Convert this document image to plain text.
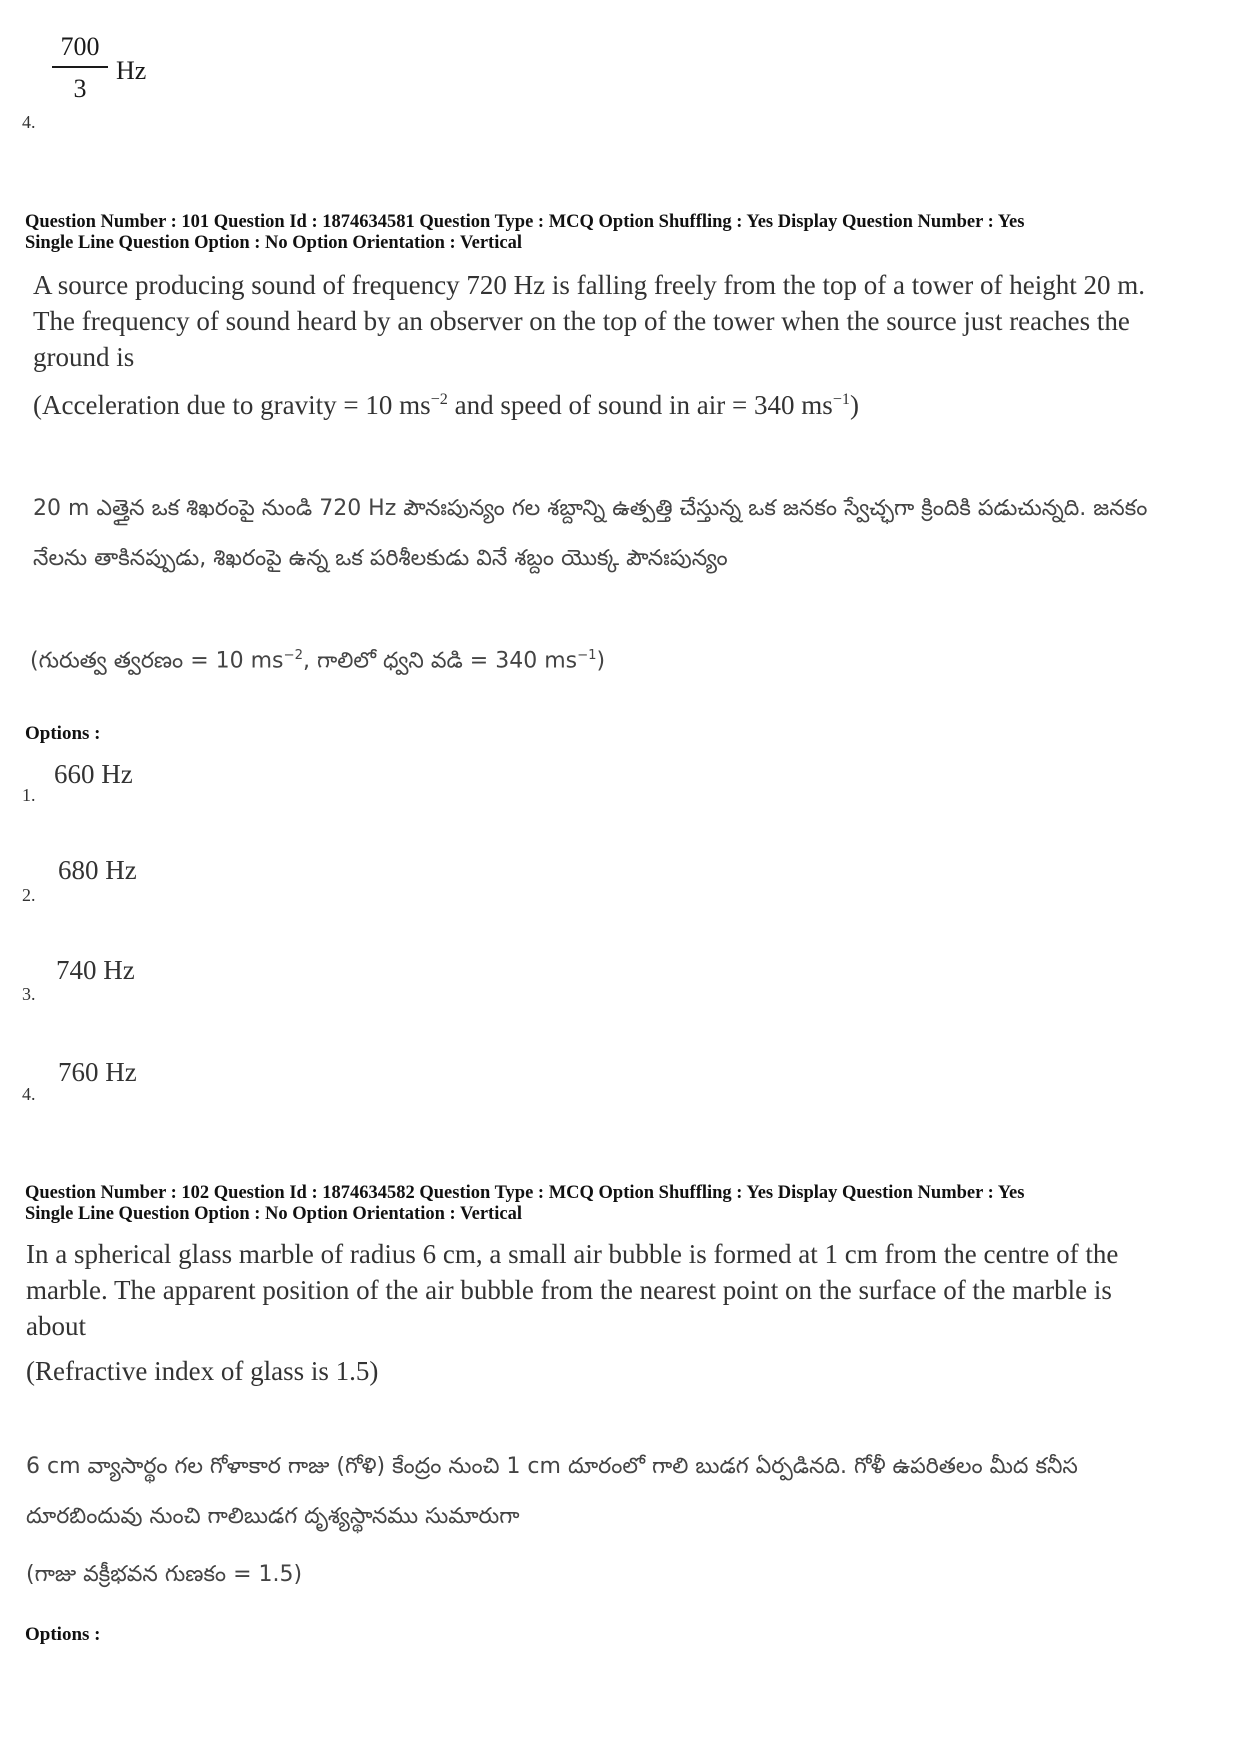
700
3
Hz
4.
Question Number : 101 Question Id : 1874634581 Question Type : MCQ Option Shuffling : Yes Display Question Number : Yes
Single Line Question Option : No Option Orientation : Vertical
A source producing sound of frequency 720 Hz is falling freely from the top of a tower of height 20 m. The frequency of sound heard by an observer on the top of the tower when the source just reaches the ground is
(Acceleration due to gravity = 10 $ms^{-2}$ and speed of sound in air = 340 $ms^{-1}$)
20 m ఎత్తైన ఒక శిఖరంపై నుండి 720 Hz పౌనఃపున్యం గల శబ్దాన్ని ఉత్పత్తి చేస్తున్న ఒక జనకం స్వేచ్ఛగా క్రిందికి పడుచున్నది. జనకం నేలను తాకినప్పుడు, శిఖరంపై ఉన్న ఒక పరిశీలకుడు వినే శబ్దం యొక్క పౌనఃపున్యం
(గురుత్వ త్వరణం = 10 $ms^{-2}$, గాలిలో ధ్వని వడి = 340 $ms^{-1}$)
Options :
660 Hz
1.
680 Hz
2.
740 Hz
3.
760 Hz
4.
Question Number : 102 Question Id : 1874634582 Question Type : MCQ Option Shuffling : Yes Display Question Number : Yes
Single Line Question Option : No Option Orientation : Vertical
In a spherical glass marble of radius 6 cm, a small air bubble is formed at 1 cm from the centre of the marble. The apparent position of the air bubble from the nearest point on the surface of the marble is about
(Refractive index of glass is 1.5)
6 cm వ్యాసార్థం గల గోళాకార గాజు (గోళి) కేంద్రం నుంచి 1 cm దూరంలో గాలి బుడగ ఏర్పడినది. గోళీ ఉపరితలం మీద కనీస దూరబిందువు నుంచి గాలిబుడగ దృశ్యస్థానము సుమారుగా
(గాజు వక్రీభవన గుణకం = 1.5)
Options :
